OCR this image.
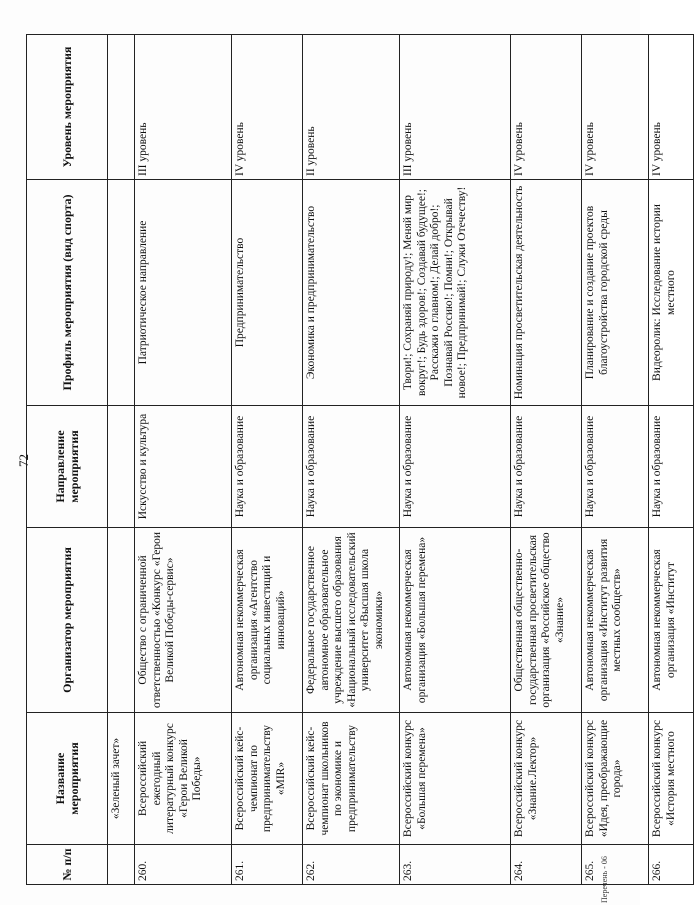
72
№ п/п	Название мероприятия	Организатор мероприятия	Направление мероприятия	Профиль мероприятия (вид спорта)	Уровень мероприятия
	«Зеленый зачет»				
260.	Всероссийский ежегодный литературный конкурс «Герои Великой Победы»	Общество с ограниченной ответственностью «Конкурс «Герои Великой Победы-сервис»	Искусство и культура	Патриотическое направление	III уровень
261.	Всероссийский кейс-чемпионат по предпринимательству «MIR»	Автономная некоммерческая организация «Агентство социальных инвестиций и инноваций»	Наука и образование	Предпринимательство	IV уровень
262.	Всероссийский кейс-чемпионат школьников по экономике и предпринимательству	Федеральное государственное автономное образовательное учреждение высшего образования «Национальный исследовательский университет «Высшая школа экономики»	Наука и образование	Экономика и предпринимательство	II уровень
263.	Всероссийский конкурс «Большая перемена»	Автономная некоммерческая организация «Большая перемена»	Наука и образование	Твори!; Сохраняй природу!; Меняй мир вокруг!; Будь здоров!; Создавай будущее!; Расскажи о главном!; Делай добро!; Познавай Россию!; Помни!; Открывай новое!; Предпринимай!; Служи Отечеству!	III уровень
264.	Всероссийский конкурс «Знание.Лектор»	Общественная общественно-государственная просветительская организация «Российское общество «Знание»	Наука и образование	Номинация просветительская деятельность	IV уровень
265.	Всероссийский конкурс «Идея, преображающие города»	Автономная некоммерческая организация «Институт развития местных сообществ»	Наука и образование	Планирование и создание проектов благоустройства городской среды	IV уровень
266.	Всероссийский конкурс «История местного	Автономная некоммерческая организация «Институт	Наука и образование	Видеоролик: Исследование истории местного	IV уровень
Перечень - 06
